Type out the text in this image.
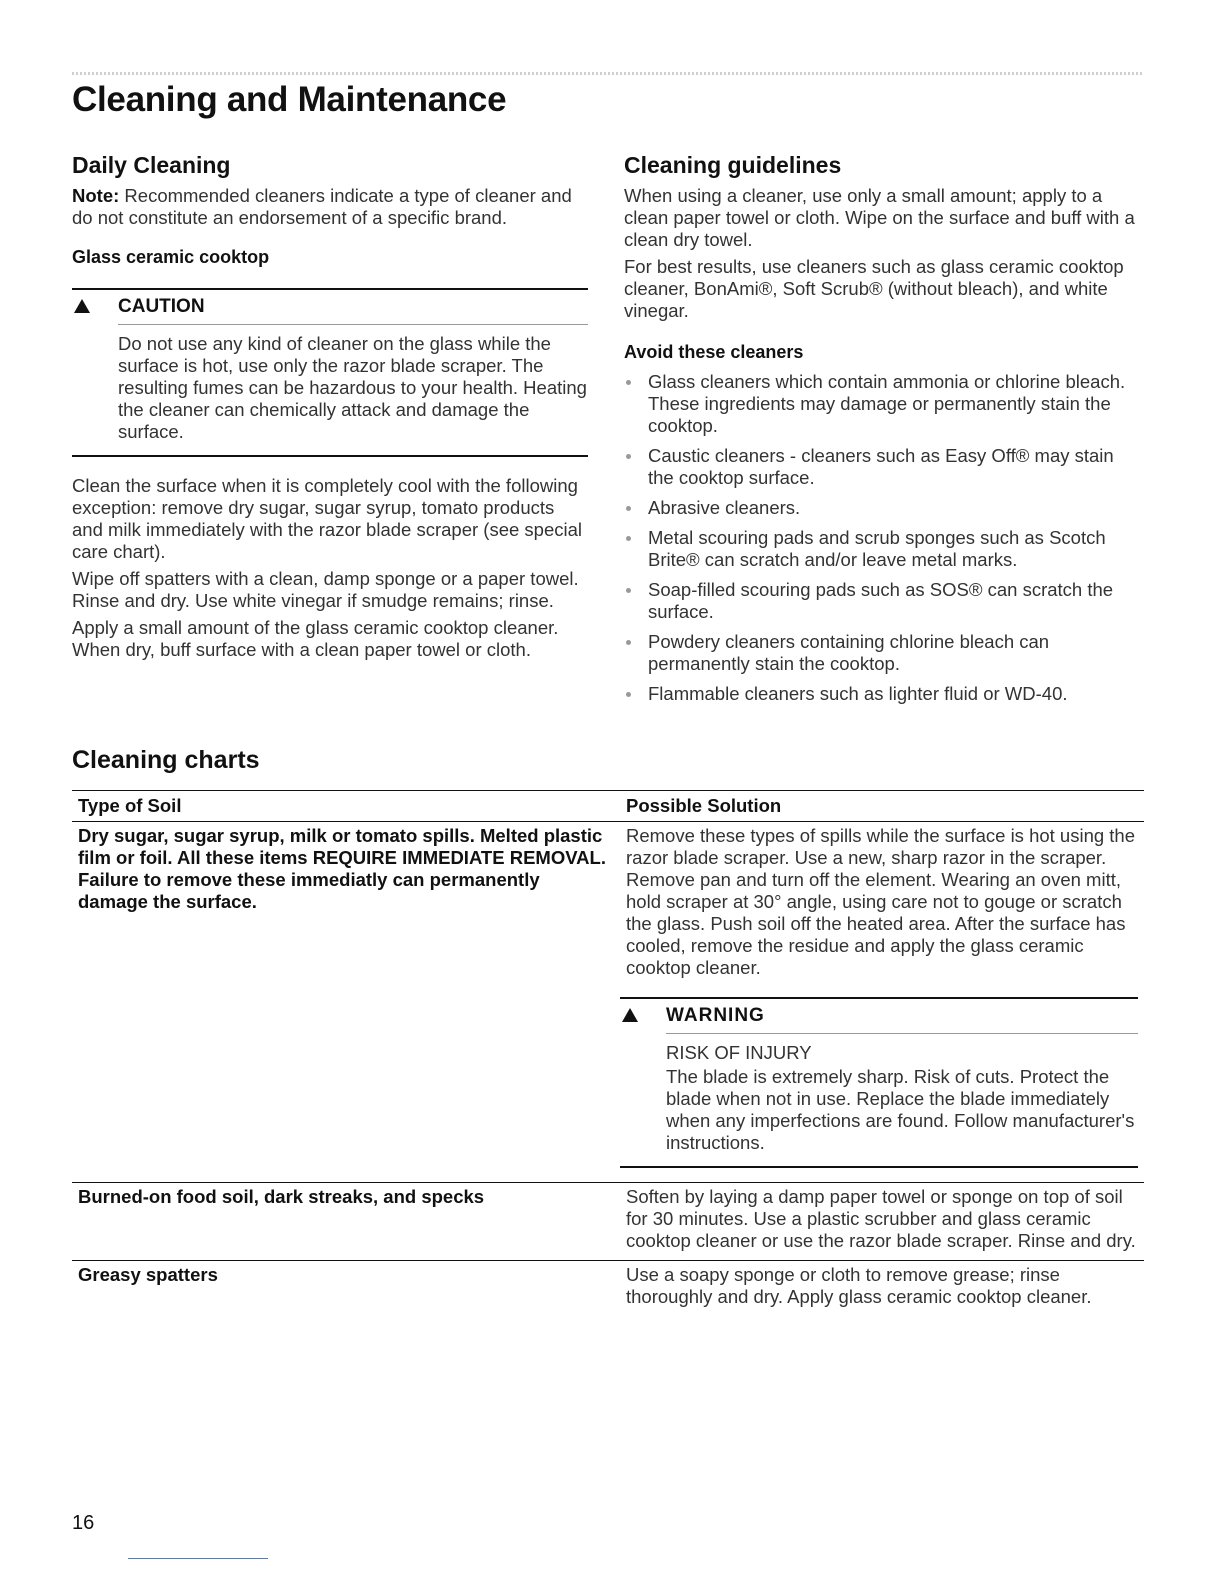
Cleaning and Maintenance
Daily Cleaning

Note: Recommended cleaners indicate a type of cleaner and do not constitute an endorsement of a specific brand.

Glass ceramic cooktop
CAUTION

Do not use any kind of cleaner on the glass while the surface is hot, use only the razor blade scraper. The resulting fumes can be hazardous to your health. Heating the cleaner can chemically attack and damage the surface.

Clean the surface when it is completely cool with the following exception: remove dry sugar, sugar syrup, tomato products and milk immediately with the razor blade scraper (see special care chart).

Wipe off spatters with a clean, damp sponge or a paper towel. Rinse and dry. Use white vinegar if smudge remains; rinse.

Apply a small amount of the glass ceramic cooktop cleaner. When dry, buff surface with a clean paper towel or cloth.

Cleaning guidelines

When using a cleaner, use only a small amount; apply to a clean paper towel or cloth. Wipe on the surface and buff with a clean dry towel.

For best results, use cleaners such as glass ceramic cooktop cleaner, BonAmi®, Soft Scrub® (without bleach), and white vinegar.

Avoid these cleaners
Glass cleaners which contain ammonia or chlorine bleach. These ingredients may damage or permanently stain the cooktop.
Caustic cleaners - cleaners such as Easy Off® may stain the cooktop surface.
Abrasive cleaners.
Metal scouring pads and scrub sponges such as Scotch Brite® can scratch and/or leave metal marks.
Soap-filled scouring pads such as SOS® can scratch the surface.
Powdery cleaners containing chlorine bleach can permanently stain the cooktop.
Flammable cleaners such as lighter fluid or WD-40.
Cleaning charts
Type of Soil	Possible Solution
Dry sugar, sugar syrup, milk or tomato spills. Melted plastic film or foil. All these items REQUIRE IMMEDIATE REMOVAL. Failure to remove these immediatly can permanently damage the surface.	Remove these types of spills while the surface is hot using the razor blade scraper. Use a new, sharp razor in the scraper. Remove pan and turn off the element. Wearing an oven mitt, hold scraper at 30° angle, using care not to gouge or scratch the glass. Push soil off the heated area. After the surface has cooled, remove the residue and apply the glass ceramic cooktop cleaner.
WARNING

RISK OF INJURY

The blade is extremely sharp. Risk of cuts. Protect the blade when not in use. Replace the blade immediately when any imperfections are found. Follow manufacturer's instructions.

Burned-on food soil, dark streaks, and specks	Soften by laying a damp paper towel or sponge on top of soil for 30 minutes. Use a plastic scrubber and glass ceramic cooktop cleaner or use the razor blade scraper. Rinse and dry.
Greasy spatters	Use a soapy sponge or cloth to remove grease; rinse thoroughly and dry. Apply glass ceramic cooktop cleaner.
16
